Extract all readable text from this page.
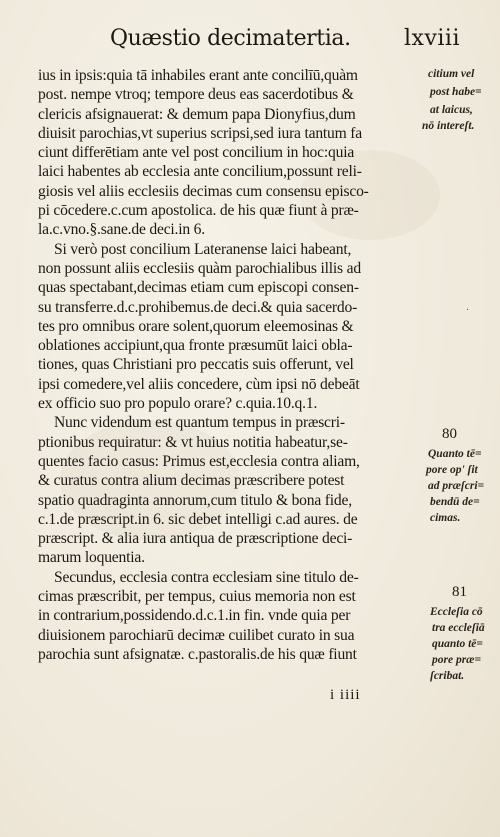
Quæstio decimatertia. lxviii
ius in ipsis:quia tā inhabiles erant ante concilīū,quàm
post. nempe vtroq; tempore deus eas sacerdotibus &
clericis afsignauerat: & demum papa Dionyfius,dum
diuisit parochias,vt superius scripsi,sed iura tantum fa
ciunt differētiam ante vel post concilium in hoc:quia
laici habentes ab ecclesia ante concilium,possunt reli-
giosis vel aliis ecclesiis decimas cum consensu episco-
pi cōcedere.c.cum apostolica. de his quæ fiunt à præ-
la.c.vno.§.sane.de deci.in 6.
Si verò post concilium Lateranense laici habeant,
non possunt aliis ecclesiis quàm parochialibus illis ad
quas spectabant,decimas etiam cum episcopi consen-
su transferre.d.c.prohibemus.de deci.& quia sacerdo-
tes pro omnibus orare solent,quorum eleemosinas &
oblationes accipiunt,qua fronte præsumūt laici obla-
tiones, quas Christiani pro peccatis suis offerunt, vel
ipsi comedere,vel aliis concedere, cùm ipsi nō debeāt
ex officio suo pro populo orare? c.quia.10.q.1.
Nunc videndum est quantum tempus in præscri-
ptionibus requiratur: & vt huius notitia habeatur,se-
quentes facio casus: Primus est,ecclesia contra aliam,
& curatus contra alium decimas præscribere potest
spatio quadraginta annorum,cum titulo & bona fide,
c.1.de præscript.in 6. sic debet intelligi c.ad aures. de
præscript. & alia iura antiqua de præscriptione deci-
marum loquentia.
Secundus, ecclesia contra ecclesiam sine titulo de-
cimas præscribit, per tempus, cuius memoria non est
in contrarium,possidendo.d.c.1.in fin. vnde quia per
diuisionem parochiarū decimæ cuilibet curato in sua
parochia sunt afsignatæ. c.pastoralis.de his quæ fiunt
i iiii
citium vel
post habe=
at laicus,
nō intereſt.
·
80
Quanto tē=
pore op' ſit
ad præſcri=
bendū de=
cimas.
81
Eccleſia cō
tra eccleſiā
quanto tē=
pore præ=
ſcribat.
